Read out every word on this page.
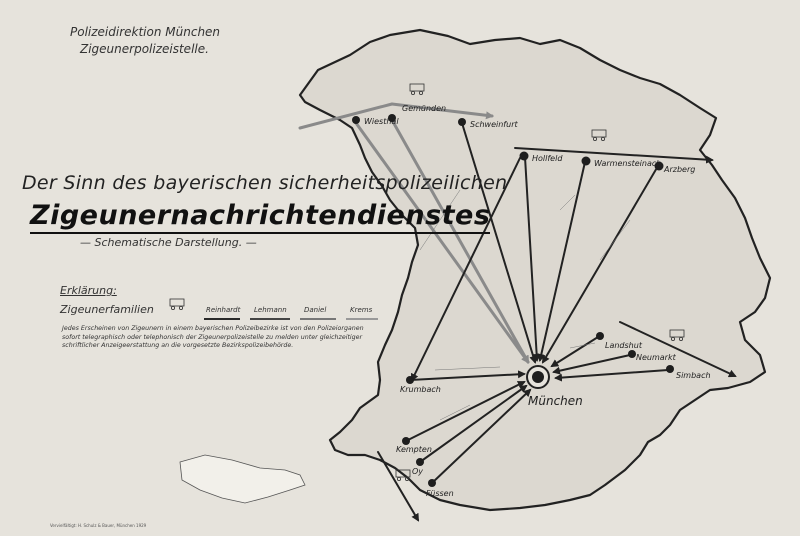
Wiesthal
Gemünden
Schweinfurt
Hollfeld
Warmensteinach
Arzberg
Landshut
Neumarkt
Simbach
Krumbach
Kempten
Oy
Füssen
München
Polizeidirektion München
Zigeunerpolizeistelle.
Der Sinn des bayerischen sicherheitspolizeilichen
Zigeunernachrichtendienstes
— Schematische Darstellung. —
Erklärung:
Zigeunerfamilien	Reinhardt Lehmann Daniel	Krems

Jedes Erscheinen von Zigeunern in einem bayerischen Polizeibezirke ist von den Polizeiorganen sofort telegraphisch oder telephonisch der Zigeunerpolizeistelle zu melden unter gleichzeitiger schriftlicher Anzeigeerstattung an die vorgesetzte Bezirkspolizeibehörde.

Vervielfältigt: H. Schulz & Bauer, München 1929
